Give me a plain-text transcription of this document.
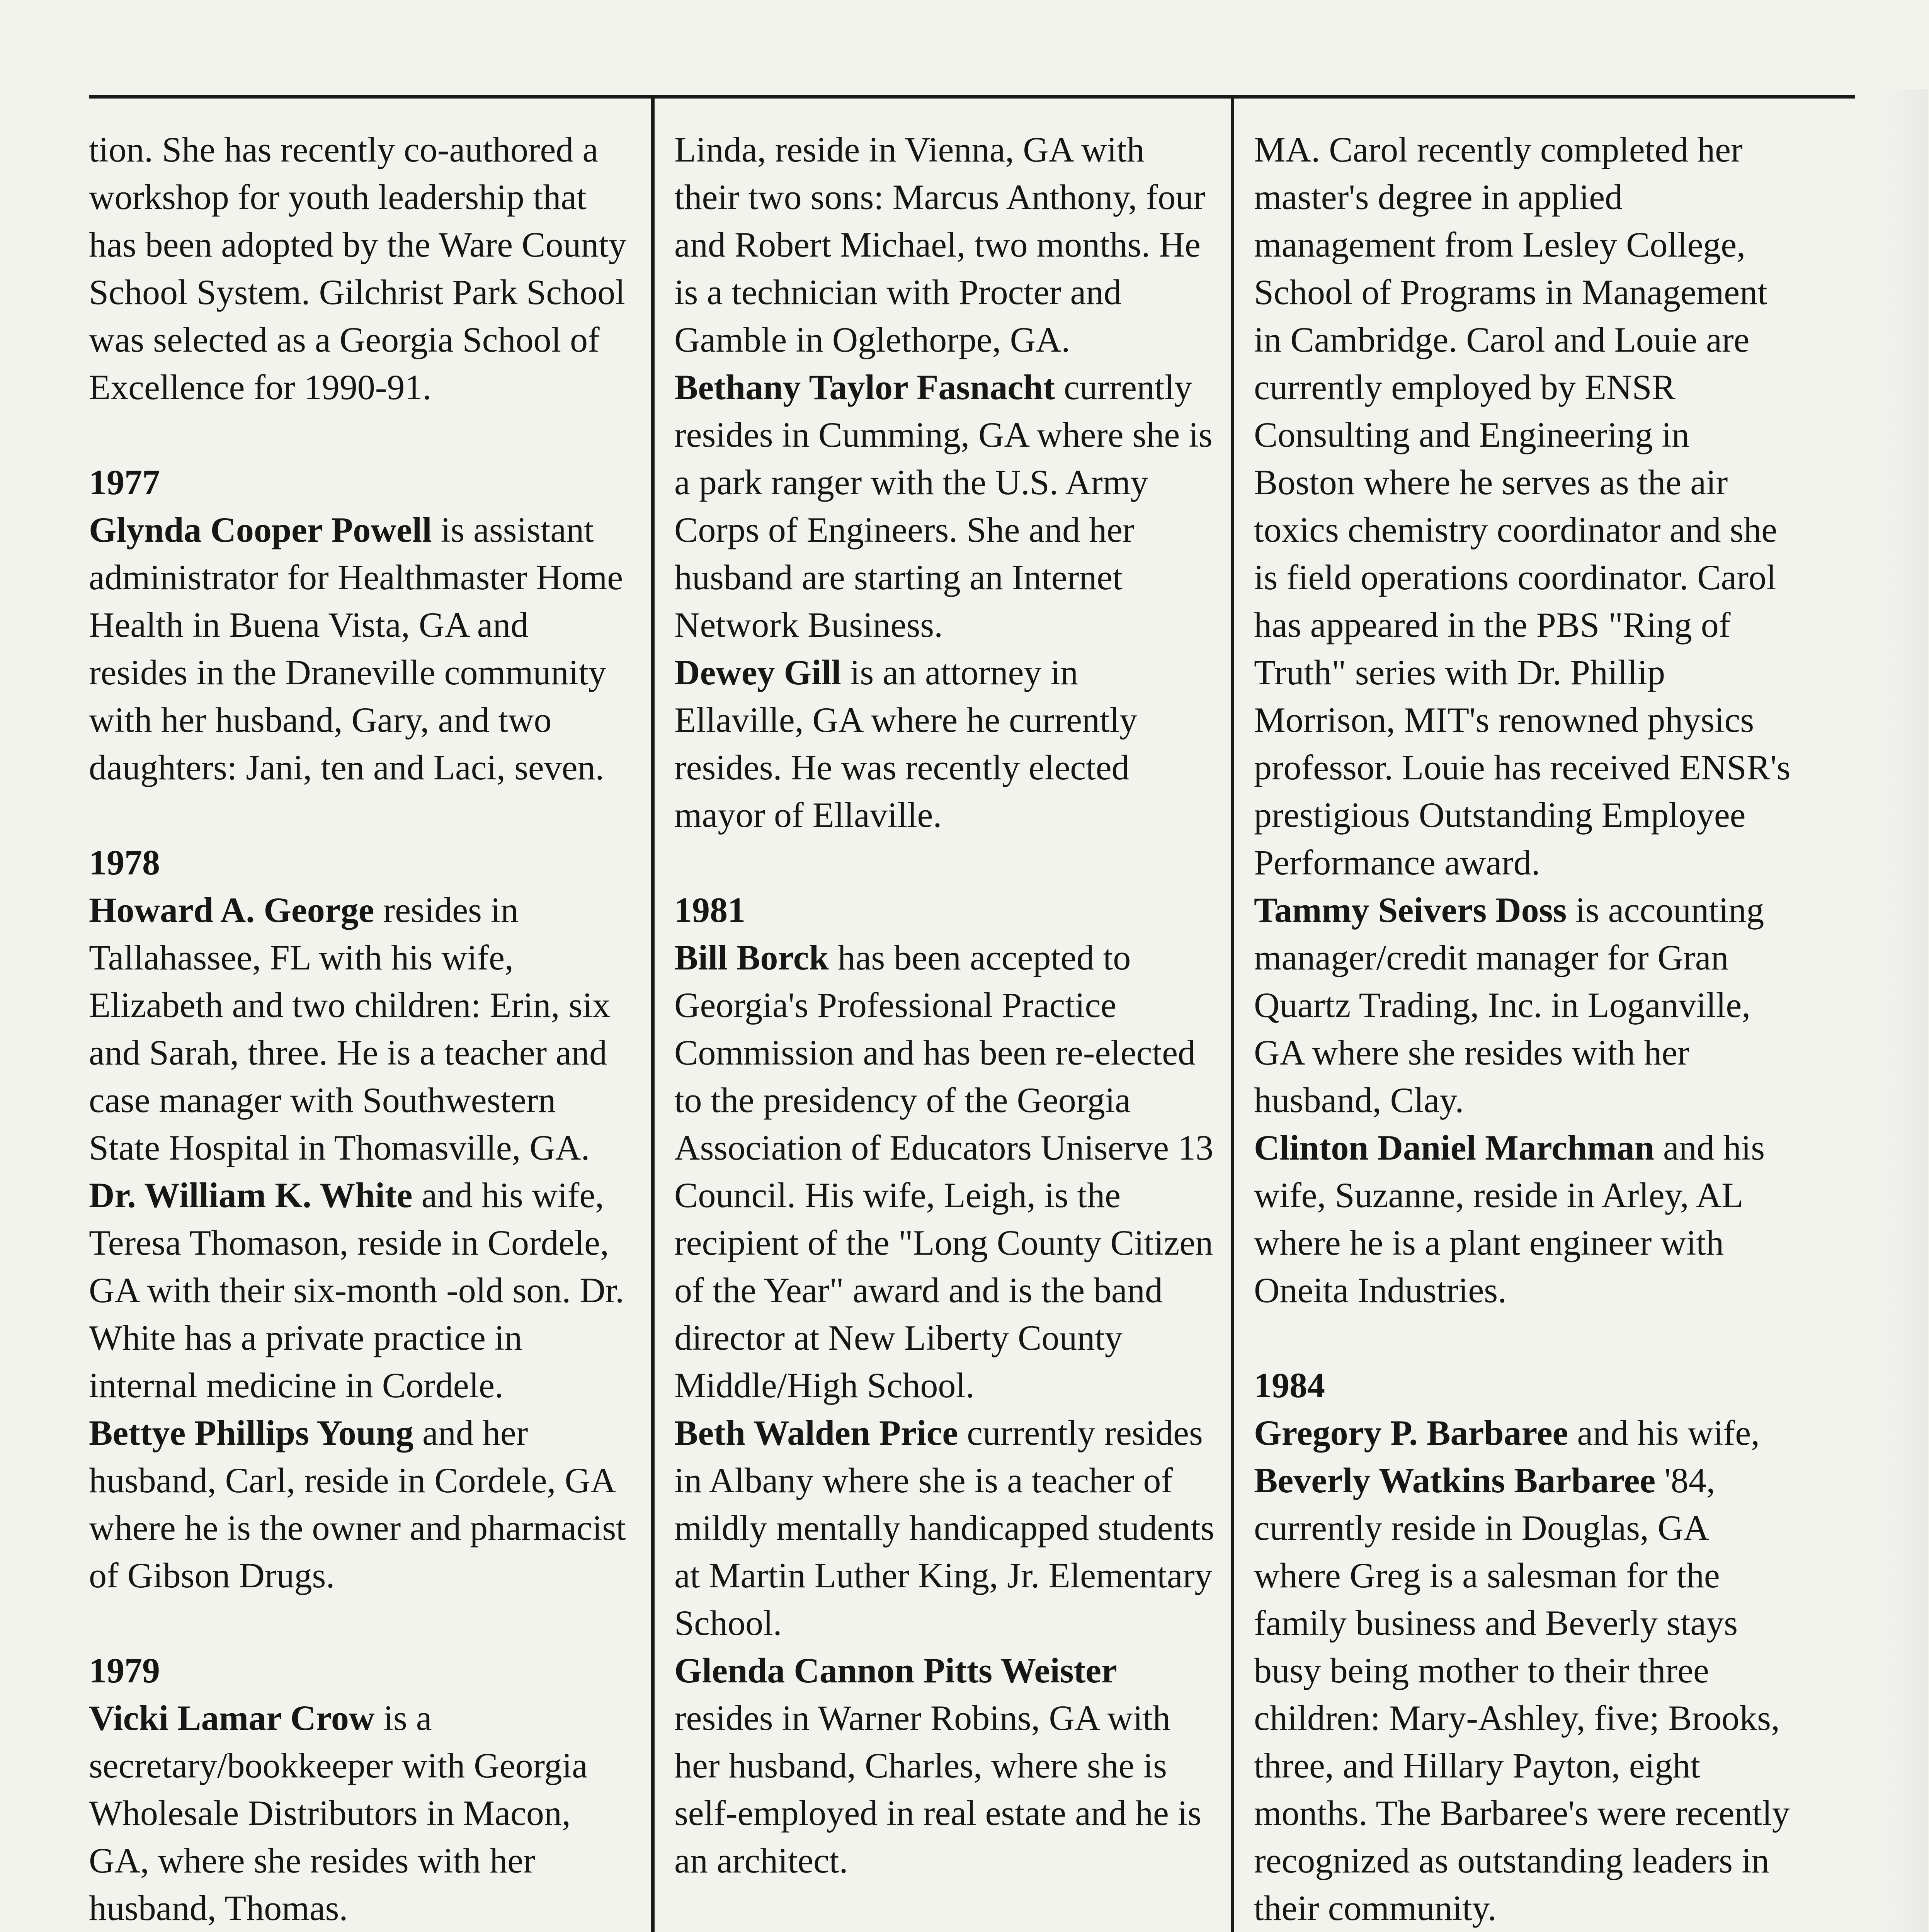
tion. She has recently co-authored a workshop for youth leadership that has been adopted by the Ware County School System. Gilchrist Park School was selected as a Georgia School of Excellence for 1990-91.

1977

Glynda Cooper Powell is assistant administrator for Healthmaster Home Health in Buena Vista, GA and resides in the Draneville community with her husband, Gary, and two daughters: Jani, ten and Laci, seven.

1978

Howard A. George resides in Tallahassee, FL with his wife, Elizabeth and two children: Erin, six and Sarah, three. He is a teacher and case manager with Southwestern State Hospital in Thomasville, GA.

Dr. William K. White and his wife, Teresa Thomason, reside in Cordele, GA with their six-month -old son. Dr. White has a private practice in internal medicine in Cordele.

Bettye Phillips Young and her husband, Carl, reside in Cordele, GA where he is the owner and pharmacist of Gibson Drugs.

1979

Vicki Lamar Crow is a secretary/bookkeeper with Georgia Wholesale Distributors in Macon, GA, where she resides with her husband, Thomas.

Linda, reside in Vienna, GA with their two sons: Marcus Anthony, four and Robert Michael, two months. He is a technician with Procter and Gamble in Oglethorpe, GA.

Bethany Taylor Fasnacht currently resides in Cumming, GA where she is a park ranger with the U.S. Army Corps of Engineers. She and her husband are starting an Internet Network Business.

Dewey Gill is an attorney in Ellaville, GA where he currently resides. He was recently elected mayor of Ellaville.

1981

Bill Borck has been accepted to Georgia's Professional Practice Commission and has been re-elected to the presidency of the Georgia Association of Educators Uniserve 13 Council. His wife, Leigh, is the recipient of the "Long County Citizen of the Year" award and is the band director at New Liberty County Middle/High School.

Beth Walden Price currently resides in Albany where she is a teacher of mildly mentally handicapped students at Martin Luther King, Jr. Elementary School.

Glenda Cannon Pitts Weister resides in Warner Robins, GA with her husband, Charles, where she is self-employed in real estate and he is an architect.

MA. Carol recently completed her master's degree in applied management from Lesley College, School of Programs in Management in Cambridge. Carol and Louie are currently employed by ENSR Consulting and Engineering in Boston where he serves as the air toxics chemistry coordinator and she is field operations coordinator. Carol has appeared in the PBS "Ring of Truth" series with Dr. Phillip Morrison, MIT's renowned physics professor. Louie has received ENSR's prestigious Outstanding Employee Performance award.

Tammy Seivers Doss is accounting manager/credit manager for Gran Quartz Trading, Inc. in Loganville, GA where she resides with her husband, Clay.

Clinton Daniel Marchman and his wife, Suzanne, reside in Arley, AL where he is a plant engineer with Oneita Industries.

1984

Gregory P. Barbaree and his wife, Beverly Watkins Barbaree '84, currently reside in Douglas, GA where Greg is a salesman for the family business and Beverly stays busy being mother to their three children: Mary-Ashley, five; Brooks, three, and Hillary Payton, eight months. The Barbaree's were recently recognized as outstanding leaders in their community.
